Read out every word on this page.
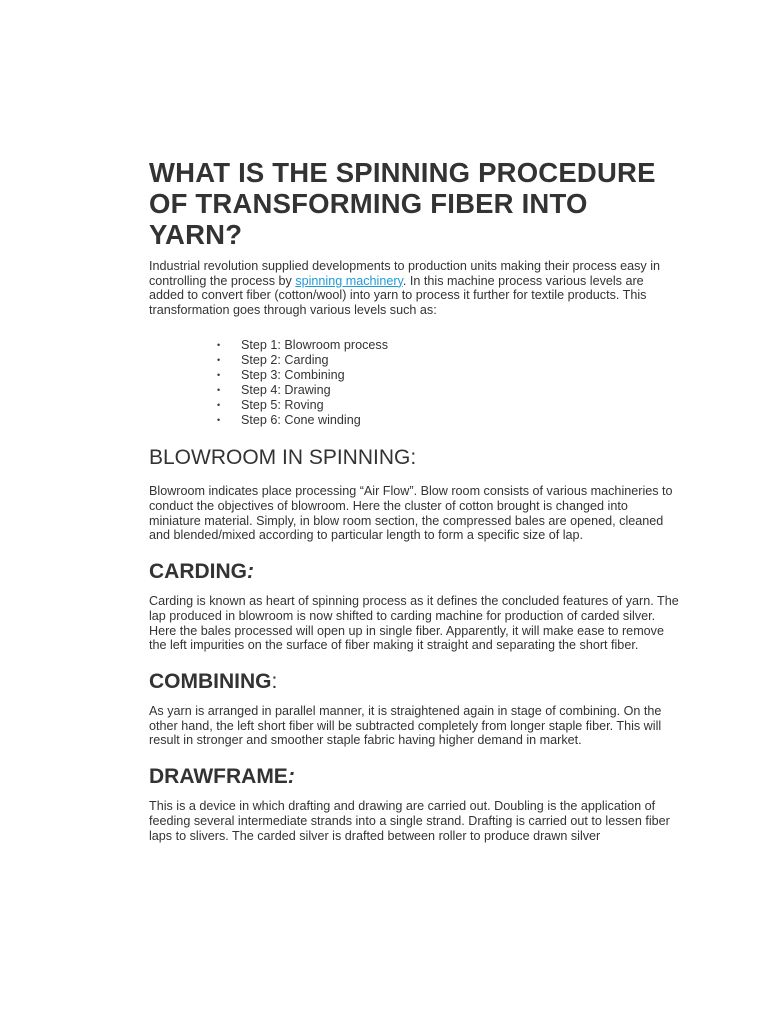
WHAT IS THE SPINNING PROCEDURE OF TRANSFORMING FIBER INTO YARN?

Industrial revolution supplied developments to production units making their process easy in controlling the process by spinning machinery. In this machine process various levels are added to convert fiber (cotton/wool) into yarn to process it further for textile products. This transformation goes through various levels such as:

• Step 1: Blowroom process
• Step 2: Carding
• Step 3: Combining
• Step 4: Drawing
• Step 5: Roving
• Step 6: Cone winding
BLOWROOM IN SPINNING:

Blowroom indicates place processing “Air Flow”. Blow room consists of various machineries to conduct the objectives of blowroom. Here the cluster of cotton brought is changed into miniature material. Simply, in blow room section, the compressed bales are opened, cleaned and blended/mixed according to particular length to form a specific size of lap.

CARDING:

Carding is known as heart of spinning process as it defines the concluded features of yarn. The lap produced in blowroom is now shifted to carding machine for production of carded silver. Here the bales processed will open up in single fiber. Apparently, it will make ease to remove the left impurities on the surface of fiber making it straight and separating the short fiber.

COMBINING:

As yarn is arranged in parallel manner, it is straightened again in stage of combining. On the other hand, the left short fiber will be subtracted completely from longer staple fiber. This will result in stronger and smoother staple fabric having higher demand in market.

DRAWFRAME:

This is a device in which drafting and drawing are carried out. Doubling is the application of feeding several intermediate strands into a single strand. Drafting is carried out to lessen fiber laps to slivers. The carded silver is drafted between roller to produce drawn silver
